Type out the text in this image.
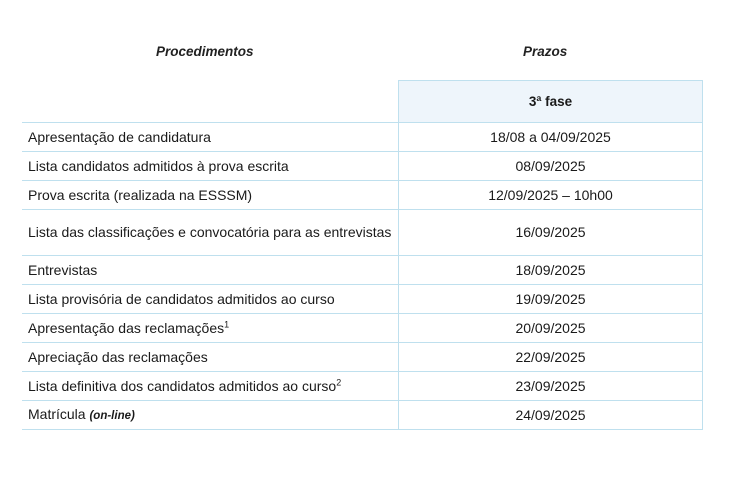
Procedimentos	Prazos
	3ª fase
Apresentação de candidatura	18/08 a 04/09/2025
Lista candidatos admitidos à prova escrita	08/09/2025
Prova escrita (realizada na ESSSM)	12/09/2025 – 10h00
Lista das classificações e convocatória para as entrevistas	16/09/2025
Entrevistas	18/09/2025
Lista provisória de candidatos admitidos ao curso	19/09/2025
Apresentação das reclamações$^1$	20/09/2025
Apreciação das reclamações	22/09/2025
Lista definitiva dos candidatos admitidos ao curso$^2$	23/09/2025
Matrícula (on-line)	24/09/2025
